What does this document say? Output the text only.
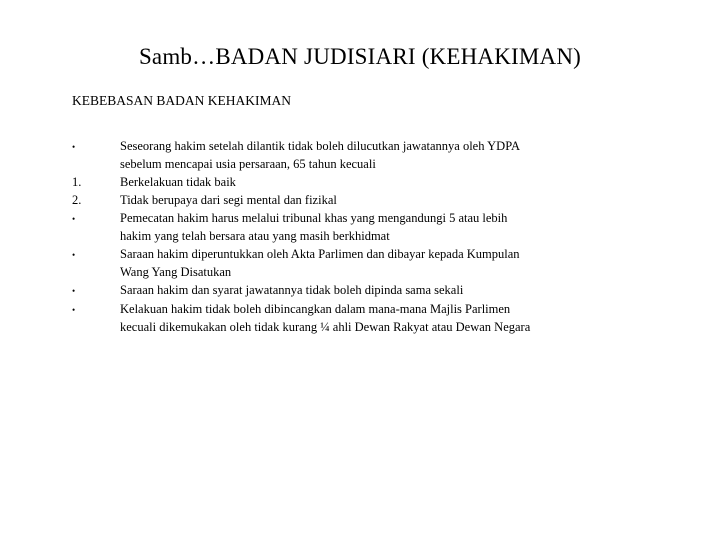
Samb…BADAN JUDISIARI (KEHAKIMAN)
KEBEBASAN BADAN KEHAKIMAN
•	Seseorang hakim setelah dilantik tidak boleh dilucutkan jawatannya oleh YDPA
sebelum mencapai usia persaraan, 65 tahun kecuali
1.	Berkelakuan tidak baik
2.	Tidak berupaya dari segi mental dan fizikal
•	Pemecatan hakim harus melalui tribunal khas yang mengandungi 5 atau lebih
hakim yang telah bersara atau yang masih berkhidmat
•	Saraan hakim diperuntukkan oleh Akta Parlimen dan dibayar kepada Kumpulan
Wang Yang Disatukan
•	Saraan hakim dan syarat jawatannya tidak boleh dipinda sama sekali
•	Kelakuan hakim tidak boleh dibincangkan dalam mana-mana Majlis Parlimen
kecuali dikemukakan oleh tidak kurang ¼ ahli Dewan Rakyat atau Dewan Negara
